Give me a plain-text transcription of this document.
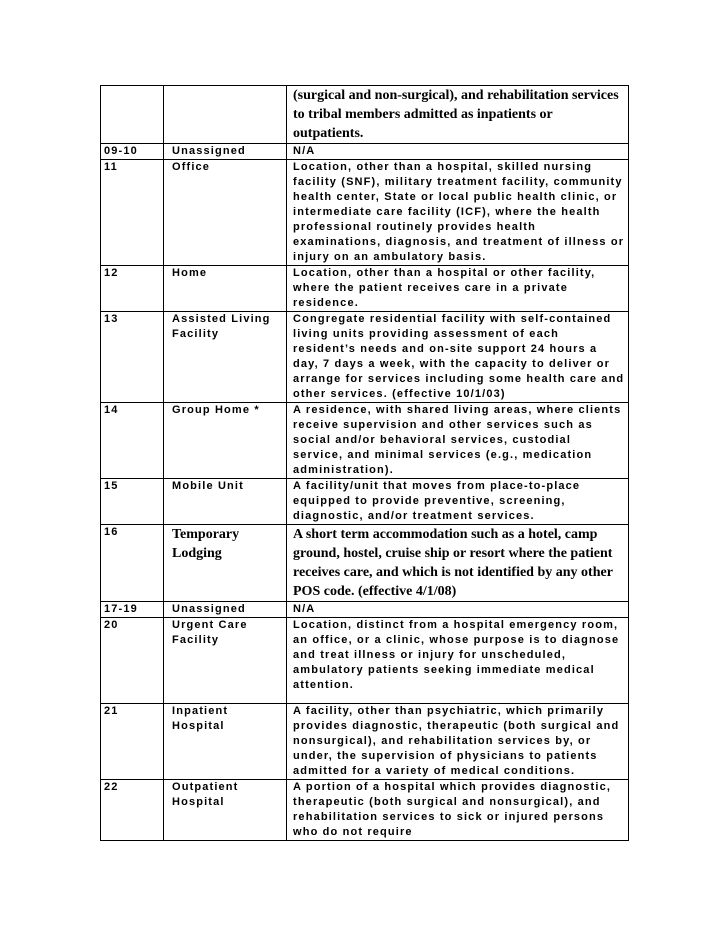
		(surgical and non-surgical), and rehabilitation services to tribal members admitted as inpatients or outpatients.
09-10	Unassigned	N/A
11	Office	Location, other than a hospital, skilled nursing facility (SNF), military treatment facility, community health center, State or local public health clinic, or intermediate care facility (ICF), where the health professional routinely provides health examinations, diagnosis, and treatment of illness or injury on an ambulatory basis.
12	Home	Location, other than a hospital or other facility, where the patient receives care in a private residence.
13	Assisted Living Facility	Congregate residential facility with self-contained living units providing assessment of each resident’s needs and on-site support 24 hours a day, 7 days a week, with the capacity to deliver or arrange for services including some health care and other services. (effective 10/1/03)
14	Group Home *	A residence, with shared living areas, where clients receive supervision and other services such as social and/or behavioral services, custodial service, and minimal services (e.g., medication administration).
15	Mobile Unit	A facility/unit that moves from place-to-place equipped to provide preventive, screening, diagnostic, and/or treatment services.
16	Temporary Lodging	A short term accommodation such as a hotel, camp ground, hostel, cruise ship or resort where the patient receives care, and which is not identified by any other POS code. (effective 4/1/08)
17-19	Unassigned	N/A
20	Urgent Care Facility	Location, distinct from a hospital emergency room, an office, or a clinic, whose purpose is to diagnose and treat illness or injury for unscheduled, ambulatory patients seeking immediate medical attention.
21	Inpatient Hospital	A facility, other than psychiatric, which primarily provides diagnostic, therapeutic (both surgical and nonsurgical), and rehabilitation services by, or under, the supervision of physicians to patients admitted for a variety of medical conditions.
22	Outpatient Hospital	A portion of a hospital which provides diagnostic, therapeutic (both surgical and nonsurgical), and rehabilitation services to sick or injured persons who do not require
